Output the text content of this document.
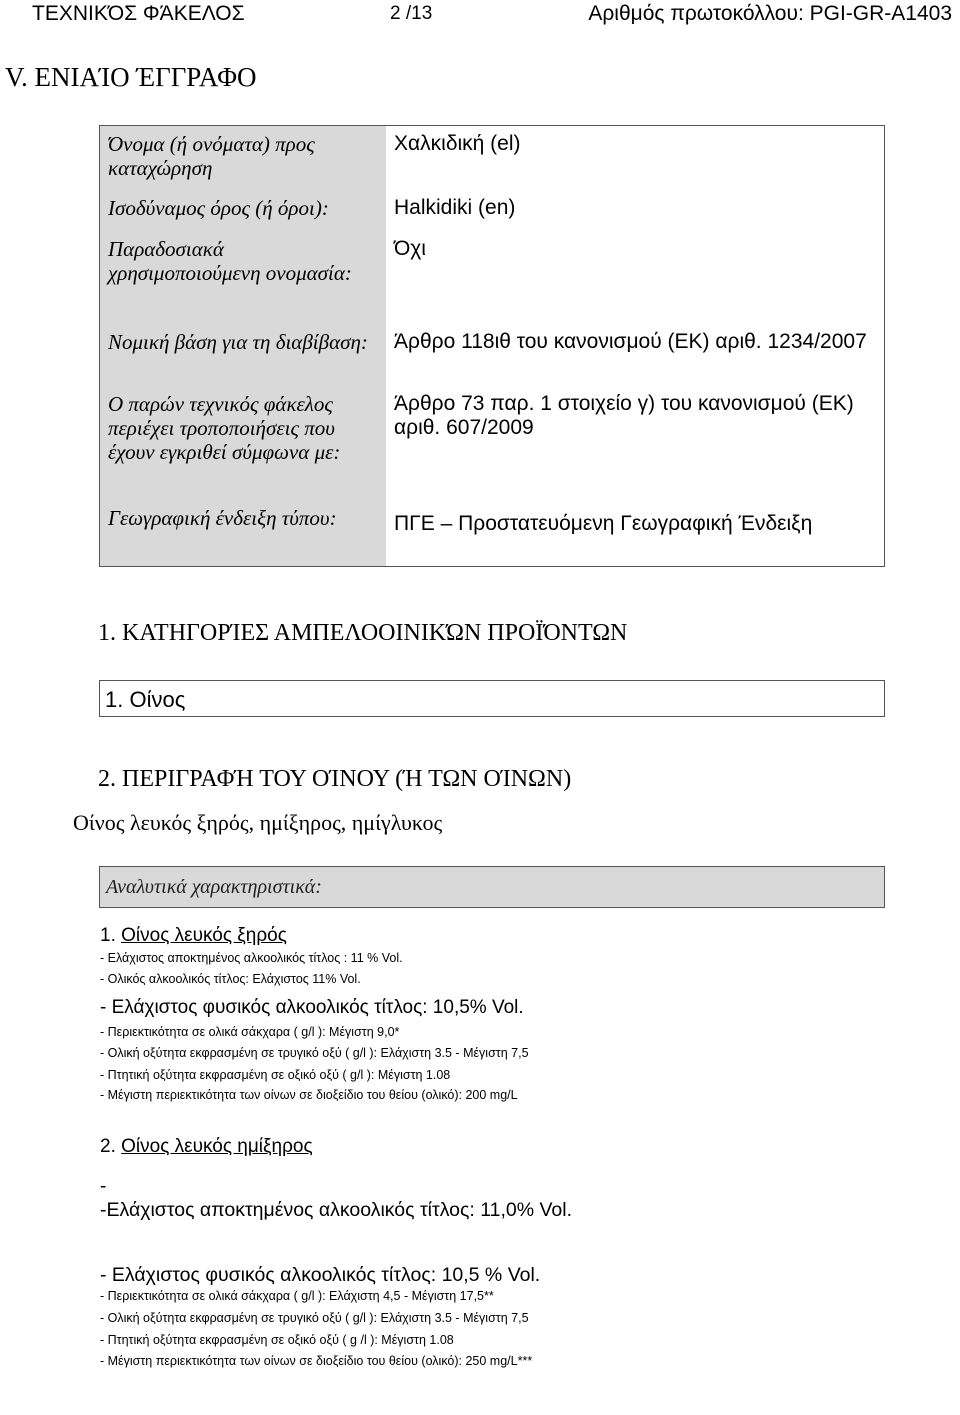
ΤΕΧΝΙΚΌΣ ΦΆΚΕΛΟΣ	2 /13	Αριθμός πρωτοκόλλου: PGI-GR-A1403
V. ΕΝΙΑΊΟ ΈΓΓΡΑΦΟ
Όνομα (ή ονόματα) προς καταχώρηση	Χαλκιδική (el)
Ισοδύναμος όρος (ή όροι):	Halkidiki (en)
Παραδοσιακά χρησιμοποιούμενη ονομασία:	Όχι
Νομική βάση για τη διαβίβαση:	Άρθρο 118ιθ του κανονισμού (ΕΚ) αριθ. 1234/2007
Ο παρών τεχνικός φάκελος περιέχει τροποποιήσεις που έχουν εγκριθεί σύμφωνα με:	Άρθρο 73 παρ. 1 στοιχείο γ) του κανονισμού (ΕΚ) αριθ. 607/2009
Γεωγραφική ένδειξη τύπου:	ΠΓΕ – Προστατευόμενη Γεωγραφική Ένδειξη
1. ΚΑΤΗΓΟΡΊΕΣ ΑΜΠΕΛΟΟΙΝΙΚΏΝ ΠΡΟΪΌΝΤΩΝ
1. Οίνος
2. ΠΕΡΙΓΡΑΦΉ ΤΟΥ ΟΊΝΟΥ (Ή ΤΩΝ ΟΊΝΩΝ)
Οίνος λευκός ξηρός, ημίξηρος, ημίγλυκος
Αναλυτικά χαρακτηριστικά:
1. Οίνος λευκός ξηρός
- Ελάχιστος αποκτημένος αλκοολικός τίτλος : 11 % Vol.
- Ολικός αλκοολικός τίτλος: Ελάχιστος 11% Vol.
- Ελάχιστος φυσικός αλκοολικός τίτλος: 10,5% Vol.
- Περιεκτικότητα σε ολικά σάκχαρα ( g/l ): Μέγιστη 9,0*
- Ολική οξύτητα εκφρασμένη σε τρυγικό οξύ ( g/l ): Ελάχιστη 3.5 - Μέγιστη 7,5
- Πτητική οξύτητα εκφρασμένη σε οξικό οξύ ( g/l ): Μέγιστη 1.08
- Μέγιστη περιεκτικότητα των οίνων σε διοξείδιο του θείου (ολικό): 200 mg/L
2. Οίνος λευκός ημίξηρος
-
-Ελάχιστος αποκτημένος αλκοολικός τίτλος: 11,0% Vol.
- Ελάχιστος φυσικός αλκοολικός τίτλος: 10,5 % Vol.
- Περιεκτικότητα σε ολικά σάκχαρα ( g/l ): Ελάχιστη 4,5 - Μέγιστη 17,5**
- Ολική οξύτητα εκφρασμένη σε τρυγικό οξύ ( g/l ): Ελάχιστη 3.5 - Μέγιστη 7,5
- Πτητική οξύτητα εκφρασμένη σε οξικό οξύ ( g /l ): Μέγιστη 1.08
- Μέγιστη περιεκτικότητα των οίνων σε διοξείδιο του θείου (ολικό): 250 mg/L***
